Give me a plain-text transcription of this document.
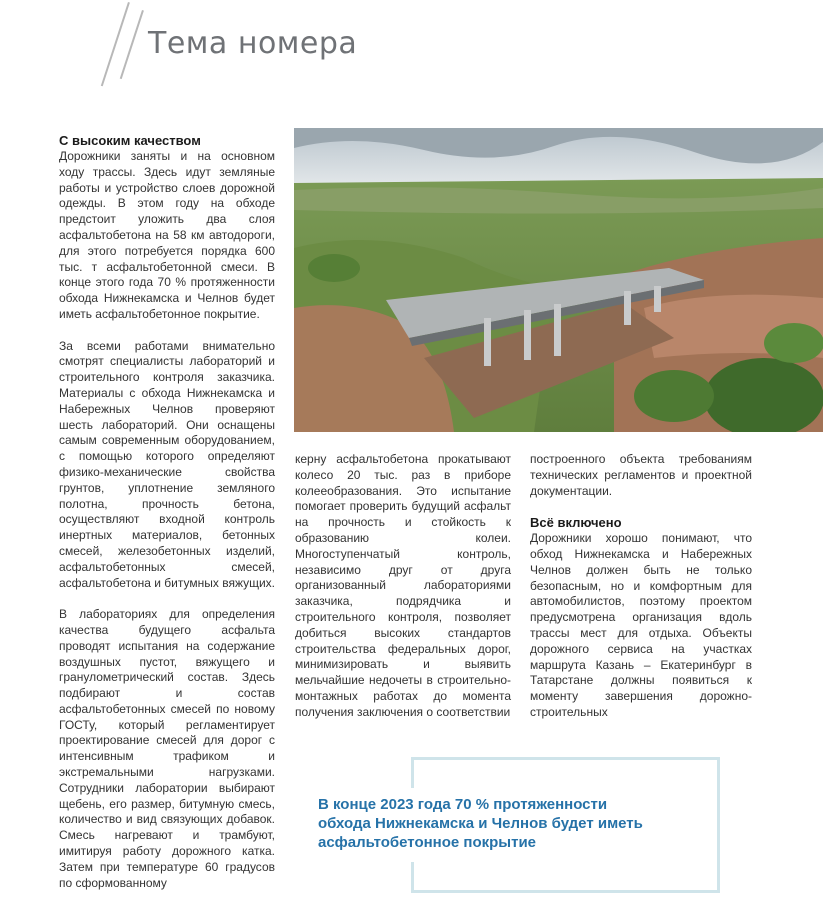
Тема номера
С высоким качеством

Дорожники заняты и на основном ходу трассы. Здесь идут земляные работы и устройство слоев дорожной одежды. В этом году на обходе предстоит уложить два слоя асфальтобетона на 58 км автодороги, для этого потребуется порядка 600 тыс. т асфальтобетонной смеси. В конце этого года 70 % протяженности обхода Нижнекамска и Челнов будет иметь асфальтобетонное покрытие.

За всеми работами внимательно смотрят специалисты лабораторий и строительного контроля заказчика. Материалы с обхода Нижнекамска и Набережных Челнов проверяют шесть лабораторий. Они оснащены самым современным оборудованием, с помощью которого определяют физико-механические свойства грунтов, уплотнение земляного полотна, прочность бетона, осуществляют входной контроль инертных материалов, бетонных смесей, железобетонных изделий, асфальтобетонных смесей, асфальтобетона и битумных вяжущих.

В лабораториях для определения качества будущего асфальта проводят испытания на содержание воздушных пустот, вяжущего и гранулометрический состав. Здесь подбирают и состав асфальтобетонных смесей по новому ГОСТу, который регламентирует проектирование смесей для дорог с интенсивным трафиком и экстремальными нагрузками. Сотрудники лаборатории выбирают щебень, его размер, битумную смесь, количество и вид связующих добавок. Смесь нагревают и трамбуют, имитируя работу дорожного катка. Затем при температуре 60 градусов по сформованному

керну асфальтобетона прокатывают колесо 20 тыс. раз в приборе колееобразования. Это испытание помогает проверить будущий асфальт на прочность и стойкость к образованию колеи. Многоступенчатый контроль, независимо друг от друга организованный лабораториями заказчика, подрядчика и строительного контроля, позволяет добиться высоких стандартов строительства федеральных дорог, минимизировать и выявить мельчайшие недочеты в строительно-монтажных работах до момента получения заключения о соответствии

построенного объекта требованиям технических регламентов и проектной документации.

Всё включено

Дорожники хорошо понимают, что обход Нижнекамска и Набережных Челнов должен быть не только безопасным, но и комфортным для автомобилистов, поэтому проектом предусмотрена организация вдоль трассы мест для отдыха. Объекты дорожного сервиса на участках маршрута Казань – Екатеринбург в Татарстане должны появиться к моменту завершения дорожно-строительных

В конце 2023 года 70 % протяженности обхода Нижнекамска и Челнов будет иметь асфальтобетонное покрытие
